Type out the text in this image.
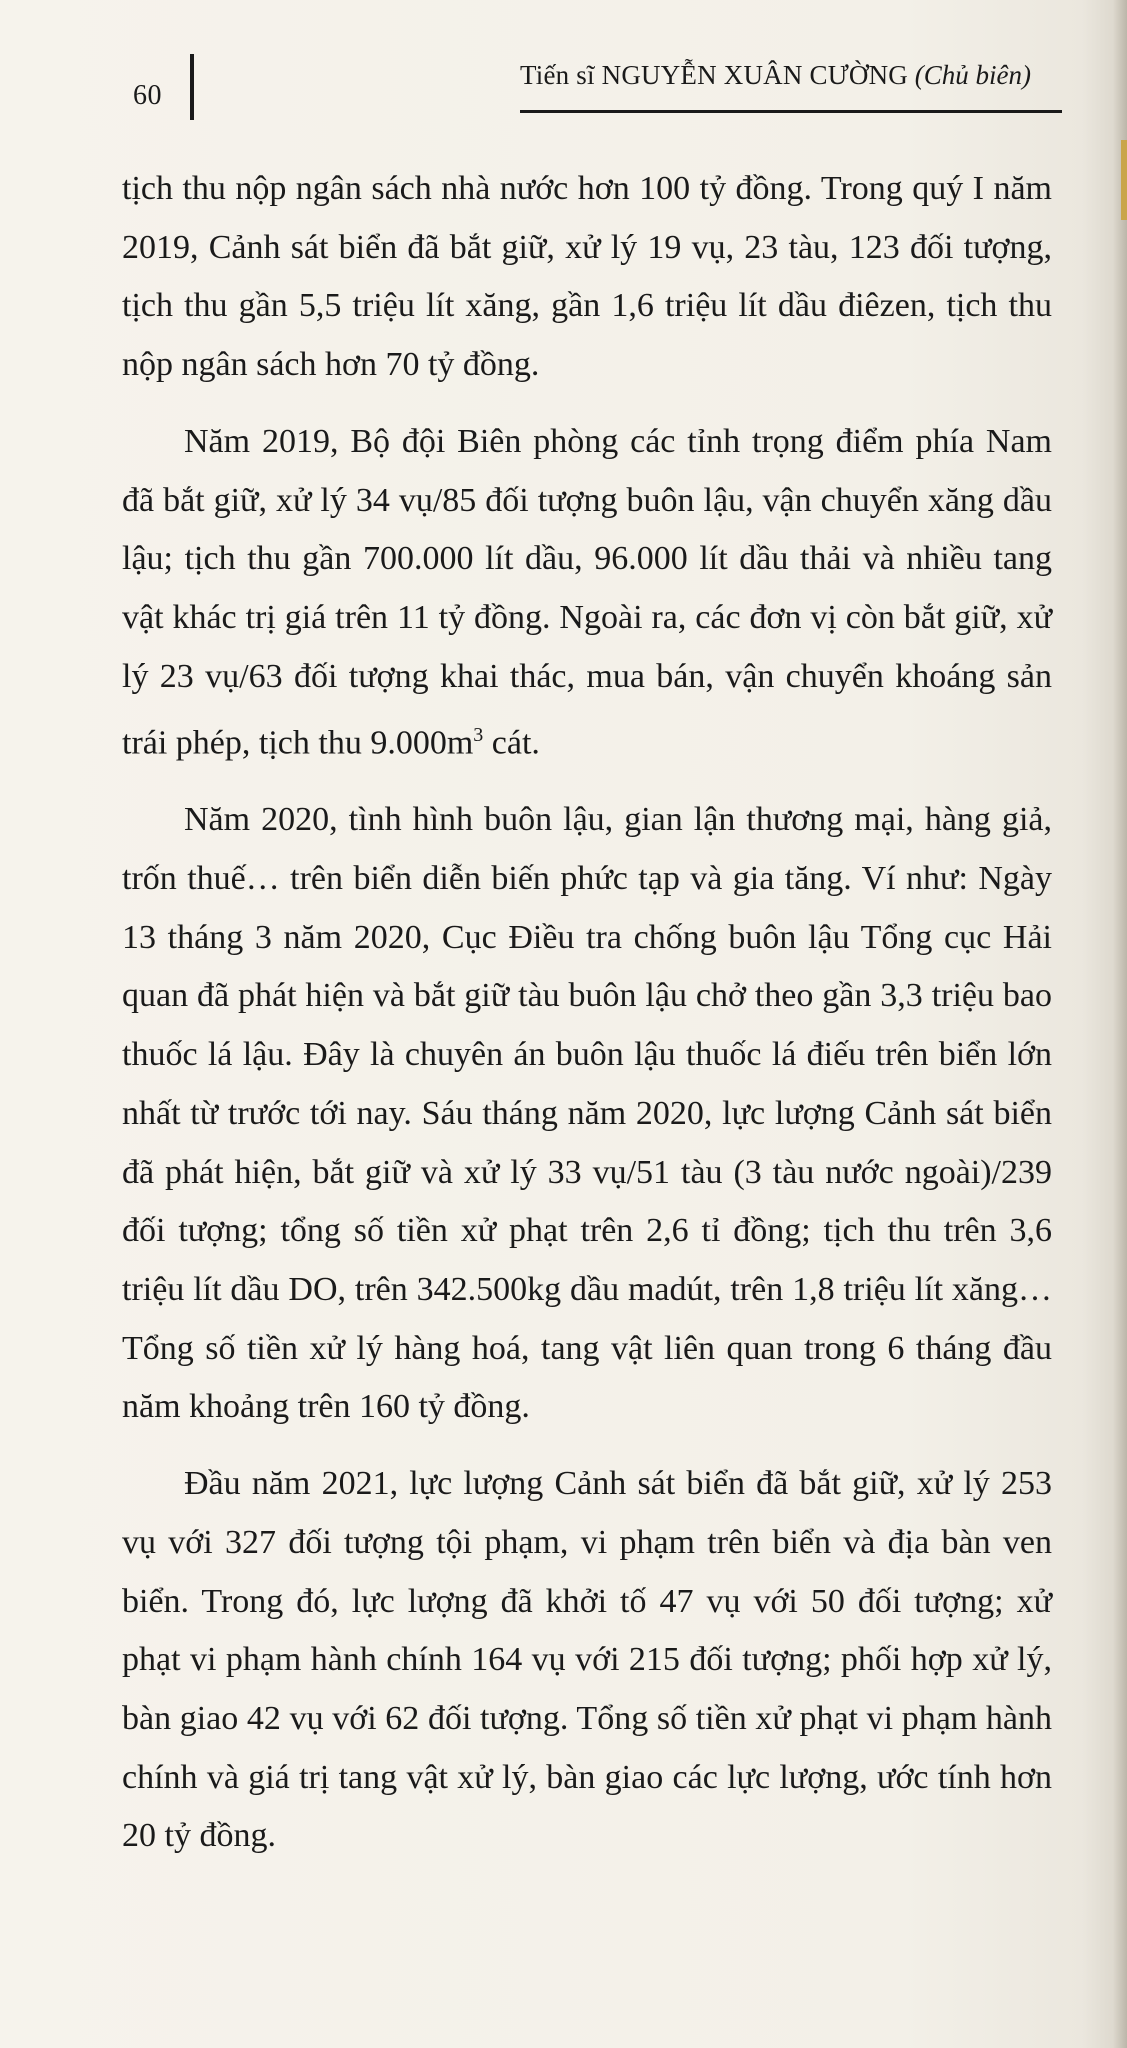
60
Tiến sĩ NGUYỄN XUÂN CƯỜNG (Chủ biên)

tịch thu nộp ngân sách nhà nước hơn 100 tỷ đồng. Trong quý I năm 2019, Cảnh sát biển đã bắt giữ, xử lý 19 vụ, 23 tàu, 123 đối tượng, tịch thu gần 5,5 triệu lít xăng, gần 1,6 triệu lít dầu điêzen, tịch thu nộp ngân sách hơn 70 tỷ đồng.

Năm 2019, Bộ đội Biên phòng các tỉnh trọng điểm phía Nam đã bắt giữ, xử lý 34 vụ/85 đối tượng buôn lậu, vận chuyển xăng dầu lậu; tịch thu gần 700.000 lít dầu, 96.000 lít dầu thải và nhiều tang vật khác trị giá trên 11 tỷ đồng. Ngoài ra, các đơn vị còn bắt giữ, xử lý 23 vụ/63 đối tượng khai thác, mua bán, vận chuyển khoáng sản trái phép, tịch thu $9.000m^3$ cát.

Năm 2020, tình hình buôn lậu, gian lận thương mại, hàng giả, trốn thuế… trên biển diễn biến phức tạp và gia tăng. Ví như: Ngày 13 tháng 3 năm 2020, Cục Điều tra chống buôn lậu Tổng cục Hải quan đã phát hiện và bắt giữ tàu buôn lậu chở theo gần 3,3 triệu bao thuốc lá lậu. Đây là chuyên án buôn lậu thuốc lá điếu trên biển lớn nhất từ trước tới nay. Sáu tháng năm 2020, lực lượng Cảnh sát biển đã phát hiện, bắt giữ và xử lý 33 vụ/51 tàu (3 tàu nước ngoài)/239 đối tượng; tổng số tiền xử phạt trên 2,6 tỉ đồng; tịch thu trên 3,6 triệu lít dầu DO, trên 342.500kg dầu madút, trên 1,8 triệu lít xăng… Tổng số tiền xử lý hàng hoá, tang vật liên quan trong 6 tháng đầu năm khoảng trên 160 tỷ đồng.

Đầu năm 2021, lực lượng Cảnh sát biển đã bắt giữ, xử lý 253 vụ với 327 đối tượng tội phạm, vi phạm trên biển và địa bàn ven biển. Trong đó, lực lượng đã khởi tố 47 vụ với 50 đối tượng; xử phạt vi phạm hành chính 164 vụ với 215 đối tượng; phối hợp xử lý, bàn giao 42 vụ với 62 đối tượng. Tổng số tiền xử phạt vi phạm hành chính và giá trị tang vật xử lý, bàn giao các lực lượng, ước tính hơn 20 tỷ đồng.
